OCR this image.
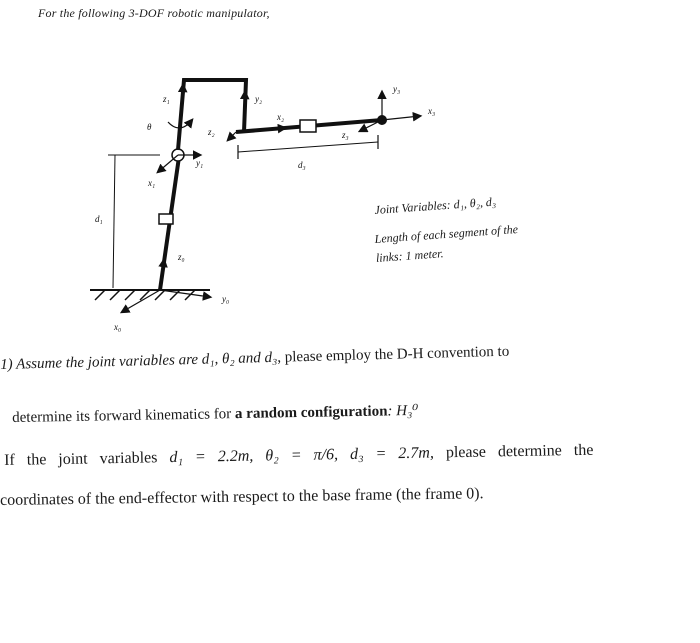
For the following 3-DOF robotic manipulator,
z₁
θ
y₂
z₂
x₂
y₁
x₁
d₁
z₀
y₀
x₀
d₃
z₃
y₃
x₃
Joint Variables: d₁, θ₂, d₃
Length of each segment of the
links: 1 meter.
1) Assume the joint variables are d₁, θ₂ and d₃, please employ the D-H convention to
determine its forward kinematics for a random configuration: H₃⁰
If the joint variables d₁ = 2.2m, θ₂ = π/6, d₃ = 2.7m, please determine the
coordinates of the end-effector with respect to the base frame (the frame 0).
